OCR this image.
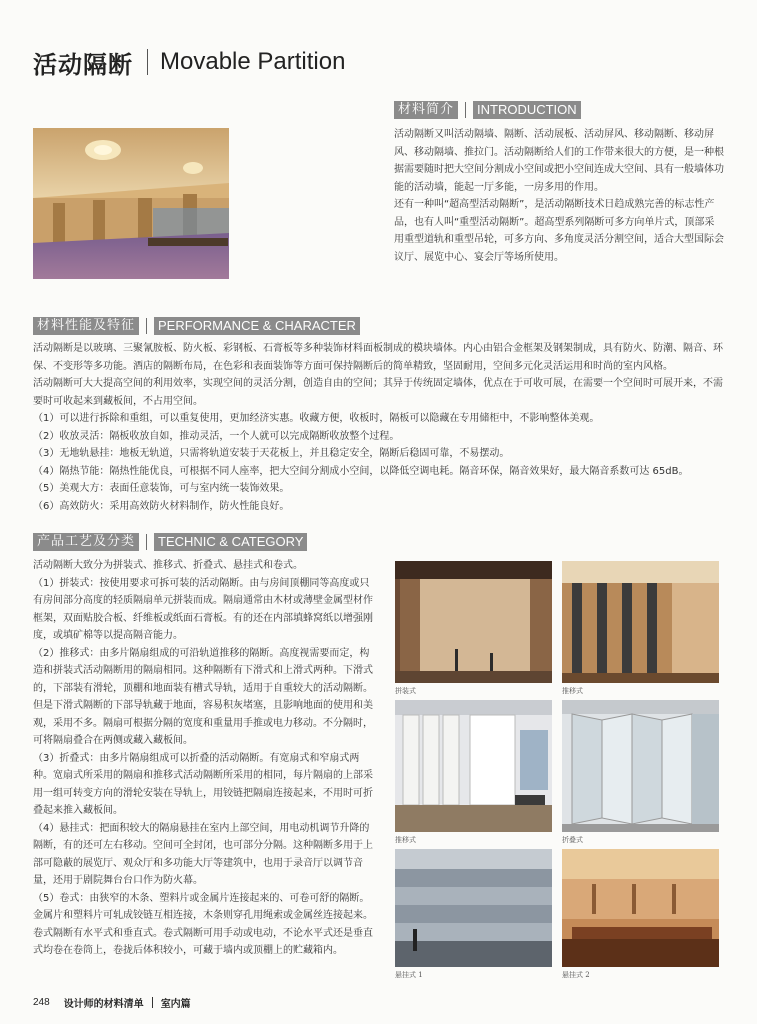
活动隔断 Movable Partition
材料简介	INTRODUCTION

活动隔断又叫活动隔墙、隔断、活动展板、活动屏风、移动隔断、移动屏风、移动隔墙、推拉门。活动隔断给人们的工作带来很大的方便，是一种根据需要随时把大空间分割成小空间或把小空间连成大空间、具有一般墙体功能的活动墙，能起一厅多能，一房多用的作用。

还有一种叫“超高型活动隔断”，是活动隔断技术日趋成熟完善的标志性产品，也有人叫“重型活动隔断”。超高型系列隔断可多方向单片式，顶部采用重型道轨和重型吊轮，可多方向、多角度灵活分割空间，适合大型国际会议厅、展览中心、宴会厅等场所使用。

材料性能及特征	PERFORMANCE & CHARACTER

活动隔断是以玻璃、三聚氰胺板、防火板、彩钢板、石膏板等多种装饰材料面板制成的模块墙体。内心由铝合金框架及钢架制成，具有防火、防潮、隔音、环保、不变形等多功能。酒店的隔断布局，在色彩和表面装饰等方面可保持隔断后的简单精致，坚固耐用，空间多元化灵活运用和时尚的室内风格。

活动隔断可大大提高空间的利用效率，实现空间的灵活分割，创造自由的空间；其异于传统固定墙体，优点在于可收可展，在需要一个空间时可展开来，不需要时可收起来到藏板间，不占用空间。

（1）可以进行拆除和重组，可以重复使用，更加经济实惠。收藏方便，收板时，隔板可以隐藏在专用储柜中，不影响整体美观。

（2）收放灵活：隔板收放自如，推动灵活，一个人就可以完成隔断收放整个过程。

（3）无地轨悬挂：地板无轨道，只需将轨道安装于天花板上，并且稳定安全，隔断后稳固可靠，不易摆动。

（4）隔热节能：隔热性能优良，可根据不同人座率，把大空间分割成小空间，以降低空调电耗。隔音环保，隔音效果好，最大隔音系数可达 65dB。

（5）美观大方：表面任意装饰，可与室内统一装饰效果。

（6）高效防火：采用高效防火材料制作，防火性能良好。

产品工艺及分类	TECHNIC & CATEGORY

活动隔断大致分为拼装式、推移式、折叠式、悬挂式和卷式。

（1）拼装式：按使用要求可拆可装的活动隔断。由与房间顶棚同等高度或只有房间部分高度的轻质隔扇单元拼装而成。隔扇通常由木材或薄壁金属型材作框架，双面贴胶合板、纤维板或纸面石膏板。有的还在内部填蜂窝纸以增强刚度，或填矿棉等以提高隔音能力。

（2）推移式：由多片隔扇组成的可沿轨道推移的隔断。高度视需要而定，构造和拼装式活动隔断用的隔扇相同。这种隔断有下滑式和上滑式两种。下滑式的，下部装有滑轮，顶棚和地面装有槽式导轨，适用于自重较大的活动隔断。但是下滑式隔断的下部导轨藏于地面，容易积灰堵塞，且影响地面的使用和美观，采用不多。隔扇可根据分隔的宽度和重量用手推或电力移动。不分隔时，可将隔扇叠合在两侧或藏入藏板间。

（3）折叠式：由多片隔扇组成可以折叠的活动隔断。有宽扇式和窄扇式两种。宽扇式所采用的隔扇和推移式活动隔断所采用的相同，每片隔扇的上部采用一组可转变方向的滑轮安装在导轨上，用铰链把隔扇连接起来，不用时可折叠起来推入藏板间。

（4）悬挂式：把面积较大的隔扇悬挂在室内上部空间，用电动机调节升降的隔断，有的还可左右移动。空间可全封闭，也可部分分隔。这种隔断多用于上部可隐蔽的展览厅、观众厅和多功能大厅等建筑中，也用于录音厅以调节音量，还用于剧院舞台台口作为防火幕。

（5）卷式：由狭窄的木条、塑料片或金属片连接起来的、可卷可舒的隔断。金属片和塑料片可轧成铰链互相连接，木条则穿孔用绳索或金属丝连接起来。卷式隔断有水平式和垂直式。卷式隔断可用手动或电动，不论水平式还是垂直式均卷在卷筒上，卷拢后体积较小，可藏于墙内或顶棚上的贮藏箱内。

拼装式	推移式
推移式	折叠式
悬挂式 1	悬挂式 2
248 设计师的材料清单 室内篇
